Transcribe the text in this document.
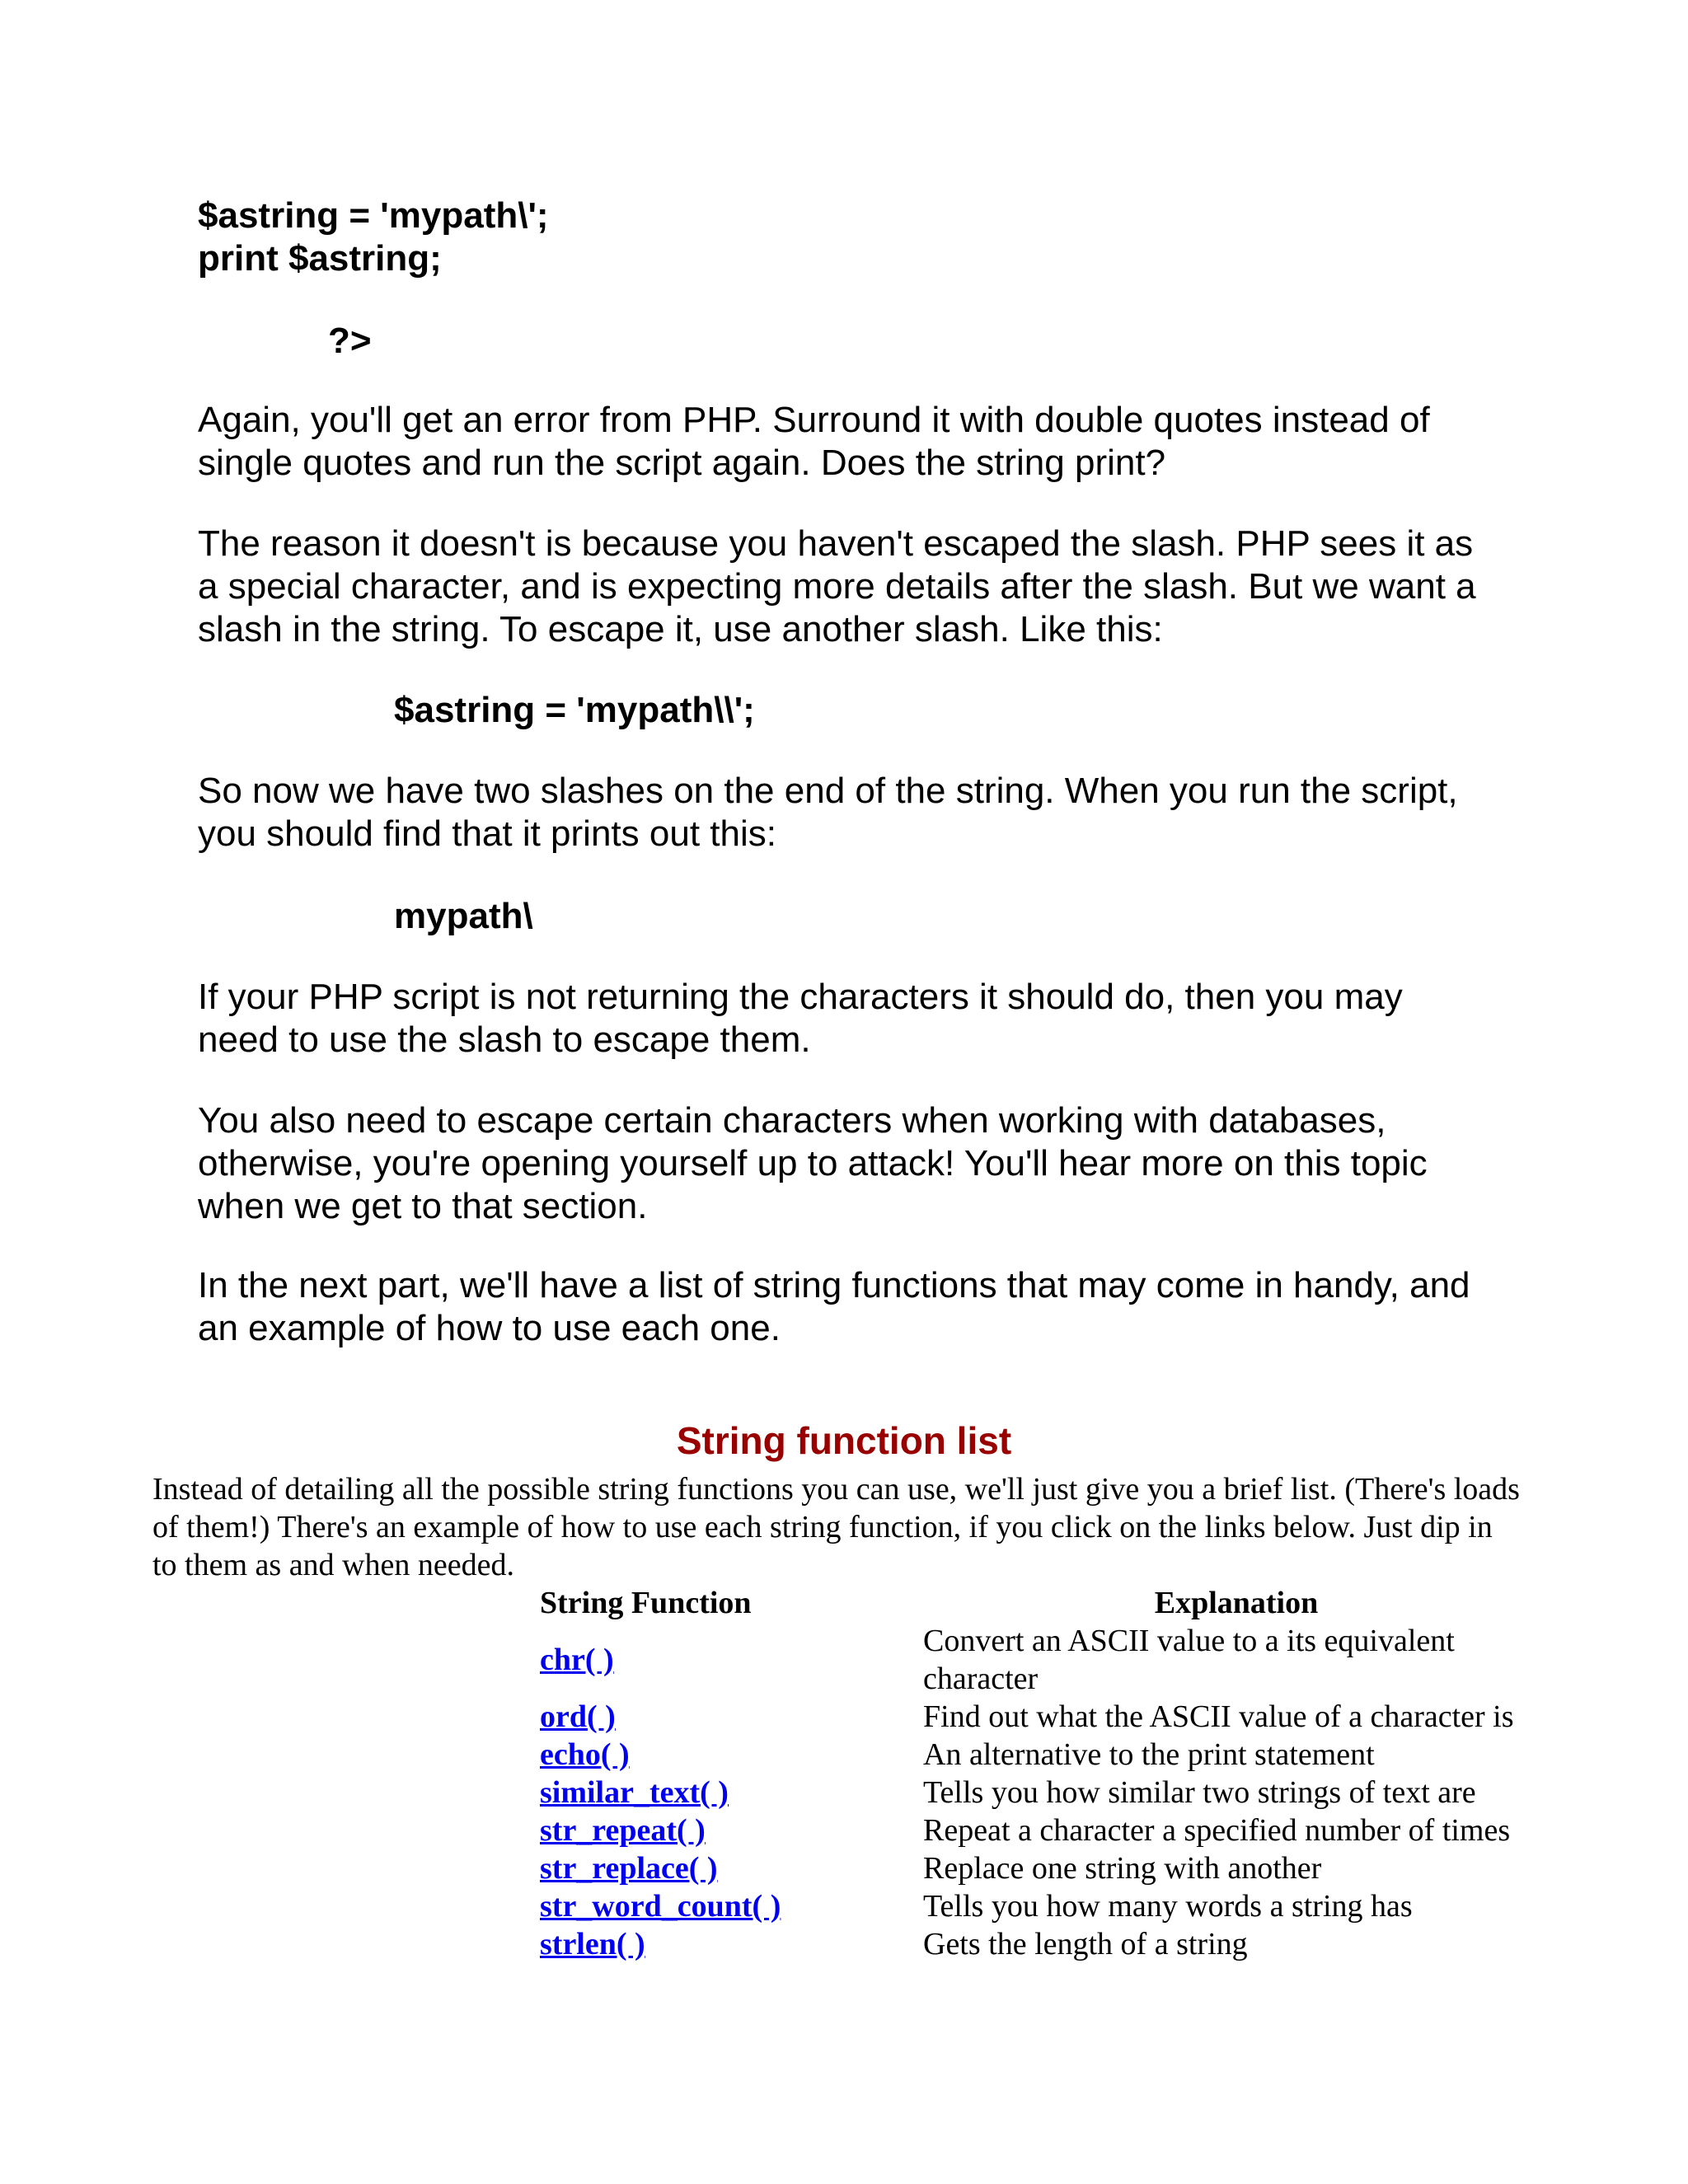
$astring = 'mypath\';

print $astring;

?>

Again, you'll get an error from PHP. Surround it with double quotes instead of single quotes and run the script again. Does the string print?

The reason it doesn't is because you haven't escaped the slash. PHP sees it as a special character, and is expecting more details after the slash. But we want a slash in the string. To escape it, use another slash. Like this:

$astring = 'mypath\\';

So now we have two slashes on the end of the string. When you run the script, you should find that it prints out this:

mypath\

If your PHP script is not returning the characters it should do, then you may need to use the slash to escape them.

You also need to escape certain characters when working with databases, otherwise, you're opening yourself up to attack! You'll hear more on this topic when we get to that section.

In the next part, we'll have a list of string functions that may come in handy, and an example of how to use each one.

String function list

Instead of detailing all the possible string functions you can use, we'll just give you a brief list. (There's loads of them!) There's an example of how to use each string function, if you click on the links below. Just dip in to them as and when needed.

String Function	Explanation
chr( )	Convert an ASCII value to a its equivalent character
ord( )	Find out what the ASCII value of a character is
echo( )	An alternative to the print statement
similar_text( )	Tells you how similar two strings of text are
str_repeat( )	Repeat a character a specified number of times
str_replace( )	Replace one string with another
str_word_count( )	Tells you how many words a string has
strlen( )	Gets the length of a string
